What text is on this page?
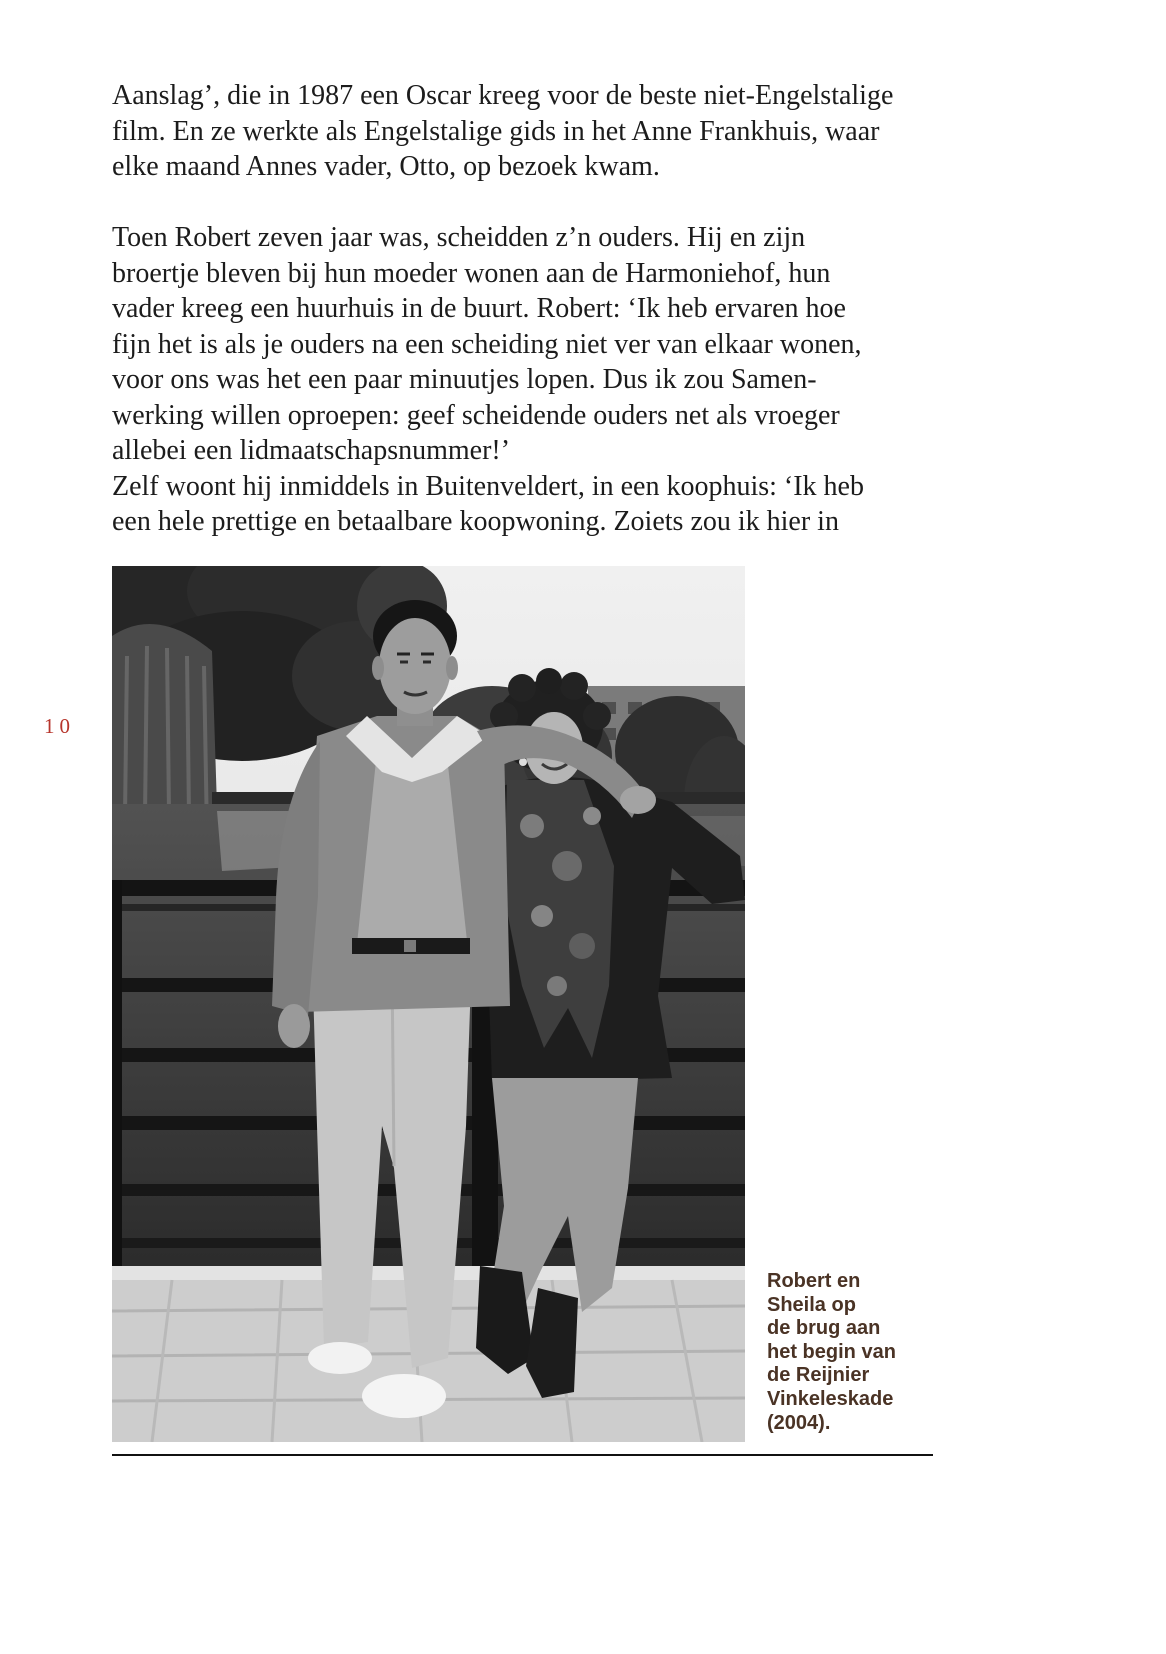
Aanslag’, die in 1987 een Oscar kreeg voor de beste niet-Engelstalige
film. En ze werkte als Engelstalige gids in het Anne Frankhuis, waar
elke maand Annes vader, Otto, op bezoek kwam.
Toen Robert zeven jaar was, scheidden z’n ouders. Hij en zijn
broertje bleven bij hun moeder wonen aan de Harmoniehof, hun
vader kreeg een huurhuis in de buurt. Robert: ‘Ik heb ervaren hoe
fijn het is als je ouders na een scheiding niet ver van elkaar wonen,
voor ons was het een paar minuutjes lopen. Dus ik zou Samen-
werking willen oproepen: geef scheidende ouders net als vroeger
allebei een lidmaatschapsnummer!’
Zelf woont hij inmiddels in Buitenveldert, in een koophuis: ‘Ik heb
een hele prettige en betaalbare koopwoning. Zoiets zou ik hier in
10
Robert en
Sheila op
de brug aan
het begin van
de Reijnier
Vinkeleskade
(2004).
